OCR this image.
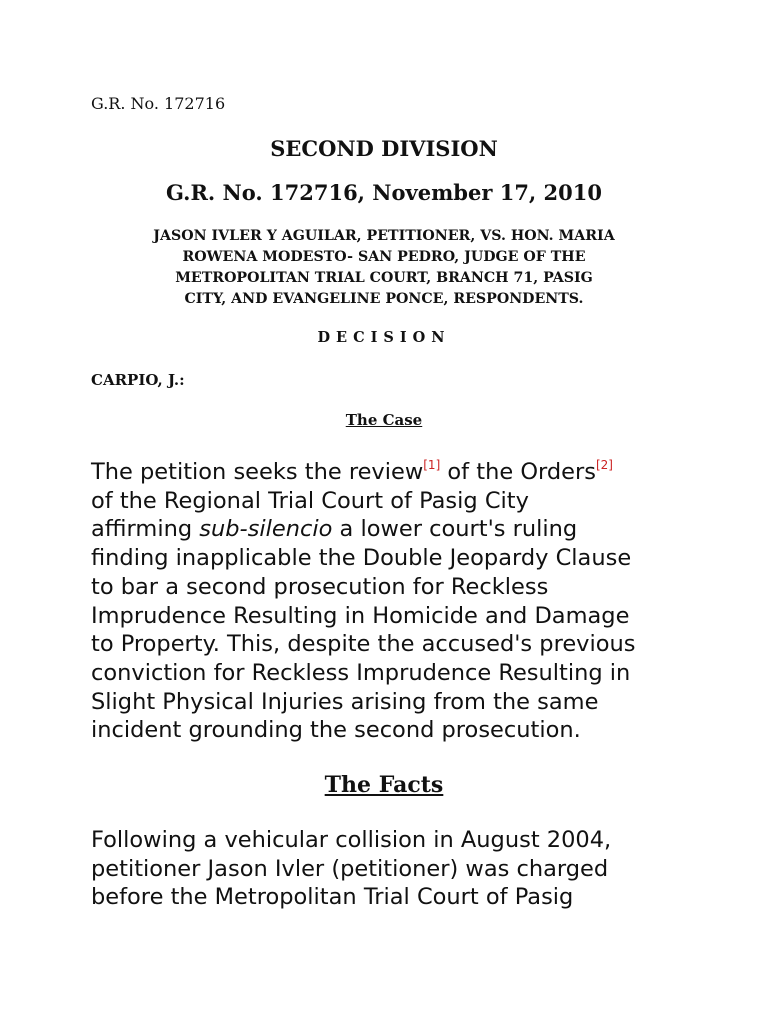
G.R. No. 172716
SECOND DIVISION
G.R. No. 172716, November 17, 2010
JASON IVLER Y AGUILAR, PETITIONER, VS. HON. MARIA
ROWENA MODESTO- SAN PEDRO, JUDGE OF THE
METROPOLITAN TRIAL COURT, BRANCH 71, PASIG
CITY, AND EVANGELINE PONCE, RESPONDENTS.
DECISION
CARPIO, J.:
The Case
The petition seeks the review[1] of the Orders[2]
of the Regional Trial Court of Pasig City
affirming sub-silencio a lower court's ruling
finding inapplicable the Double Jeopardy Clause
to bar a second prosecution for Reckless
Imprudence Resulting in Homicide and Damage
to Property. This, despite the accused's previous
conviction for Reckless Imprudence Resulting in
Slight Physical Injuries arising from the same
incident grounding the second prosecution.
The Facts
Following a vehicular collision in August 2004,
petitioner Jason Ivler (petitioner) was charged
before the Metropolitan Trial Court of Pasig
